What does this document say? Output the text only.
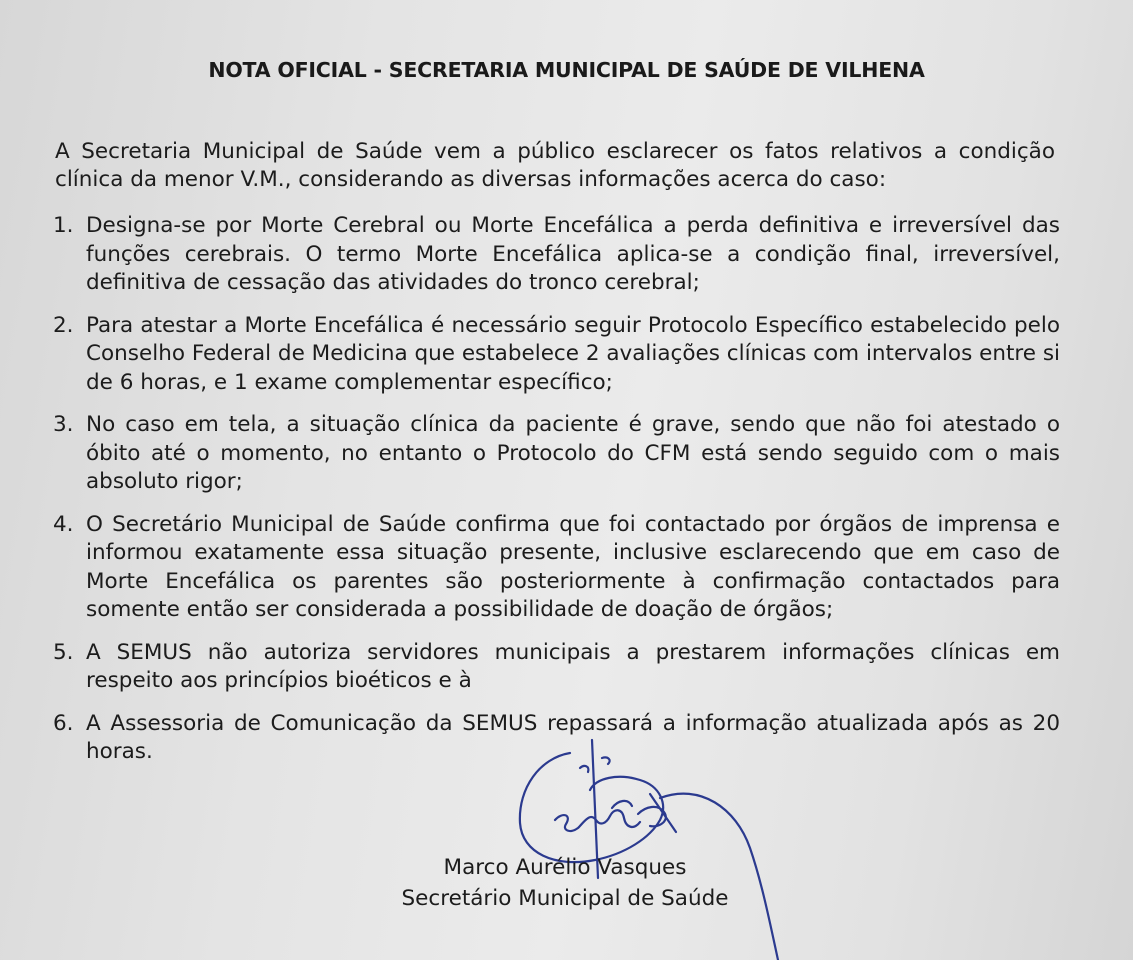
NOTA OFICIAL - SECRETARIA MUNICIPAL DE SAÚDE DE VILHENA
A Secretaria Municipal de Saúde vem a público esclarecer os fatos relativos a condição clínica da menor V.M., considerando as diversas informações acerca do caso:
1. Designa-se por Morte Cerebral ou Morte Encefálica a perda definitiva e irreversível das funções cerebrais. O termo Morte Encefálica aplica-se a condição final, irreversível, definitiva de cessação das atividades do tronco cerebral;
2. Para atestar a Morte Encefálica é necessário seguir Protocolo Específico estabelecido pelo Conselho Federal de Medicina que estabelece 2 avaliações clínicas com intervalos entre si de 6 horas, e 1 exame complementar específico;
3. No caso em tela, a situação clínica da paciente é grave, sendo que não foi atestado o óbito até o momento, no entanto o Protocolo do CFM está sendo seguido com o mais absoluto rigor;
4. O Secretário Municipal de Saúde confirma que foi contactado por órgãos de imprensa e informou exatamente essa situação presente, inclusive esclarecendo que em caso de Morte Encefálica os parentes são posteriormente à confirmação contactados para somente então ser considerada a possibilidade de doação de órgãos;
5. A SEMUS não autoriza servidores municipais a prestarem informações clínicas em respeito aos princípios bioéticos e à
6. A Assessoria de Comunicação da SEMUS repassará a informação atualizada após as 20 horas.
Marco Aurélio Vasques
Secretário Municipal de Saúde
